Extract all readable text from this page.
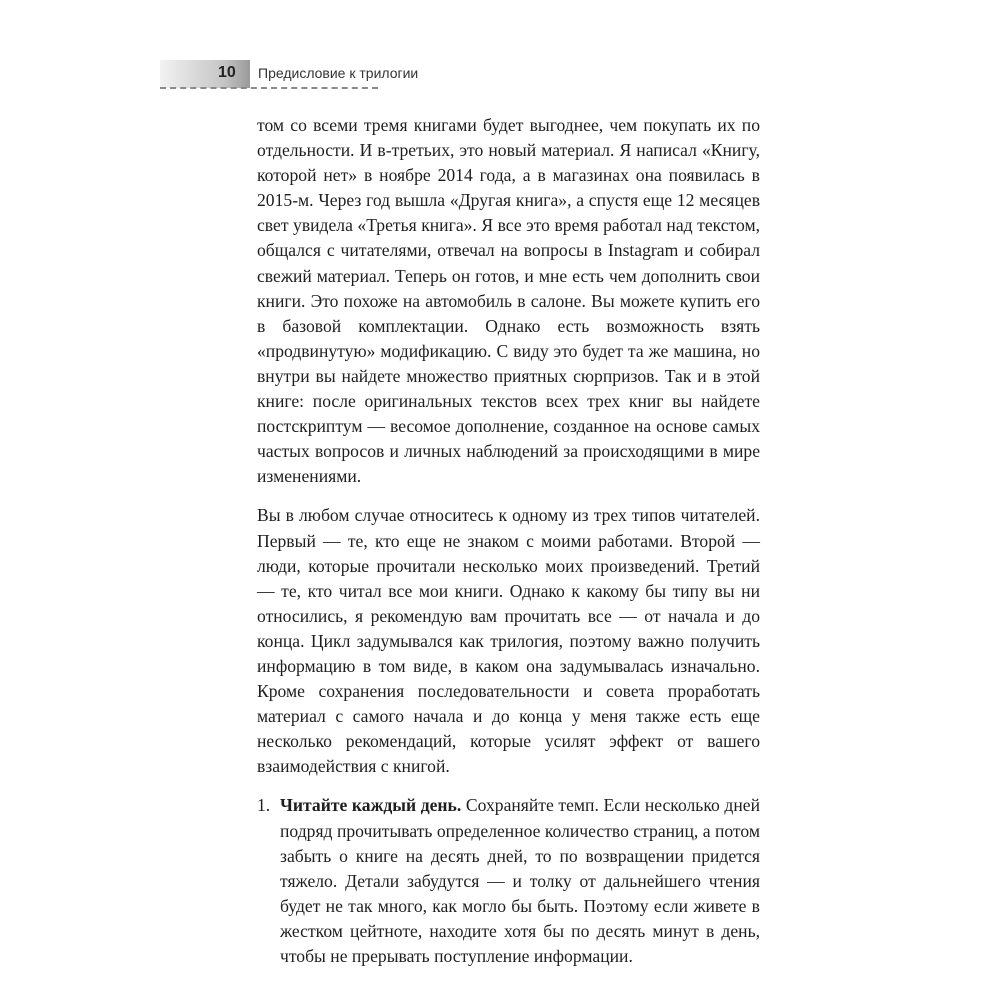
10 Предисловие к трилогии

том со всеми тремя книгами будет выгоднее, чем покупать их по отдельности. И в-третьих, это новый материал. Я написал «Книгу, которой нет» в ноябре 2014 года, а в магазинах она появилась в 2015-м. Через год вышла «Другая книга», а спустя еще 12 месяцев свет увидела «Третья книга». Я все это время работал над текстом, общался с читателями, отвечал на вопросы в Instagram и собирал свежий материал. Теперь он готов, и мне есть чем дополнить свои книги. Это похоже на автомобиль в салоне. Вы можете купить его в базовой комплектации. Однако есть возможность взять «продвинутую» модификацию. С виду это будет та же машина, но внутри вы найдете множество приятных сюрпризов. Так и в этой книге: после оригинальных текстов всех трех книг вы найдете постскриптум — весомое дополнение, созданное на основе самых частых вопросов и личных наблюдений за происходящими в мире изменениями.

Вы в любом случае относитесь к одному из трех типов читателей. Первый — те, кто еще не знаком с моими работами. Второй — люди, которые прочитали несколько моих произведений. Третий — те, кто читал все мои книги. Однако к какому бы типу вы ни относились, я рекомендую вам прочитать все — от начала и до конца. Цикл задумывался как трилогия, поэтому важно получить информацию в том виде, в каком она задумывалась изначально. Кроме сохранения последовательности и совета проработать материал с самого начала и до конца у меня также есть еще несколько рекомендаций, которые усилят эффект от вашего взаимодействия с книгой.

1. Читайте каждый день. Сохраняйте темп. Если несколько дней подряд прочитывать определенное количество страниц, а потом забыть о книге на десять дней, то по возвращении придется тяжело. Детали забудутся — и толку от дальнейшего чтения будет не так много, как могло бы быть. Поэтому если живете в жестком цейтноте, находите хотя бы по десять минут в день, чтобы не прерывать поступление информации.
